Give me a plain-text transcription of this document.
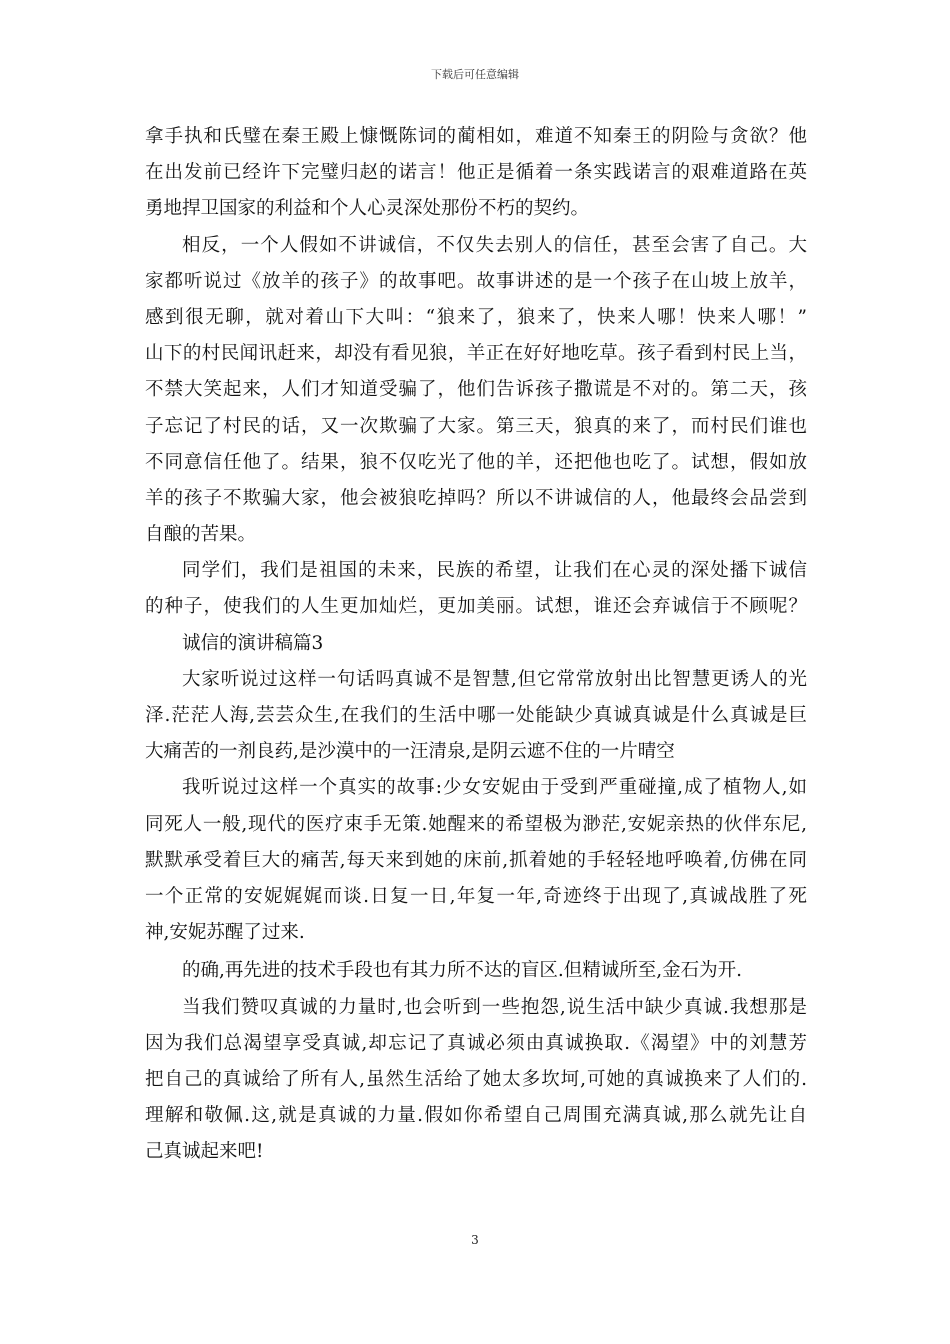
下载后可任意编辑
拿手执和氏璧在秦王殿上慷慨陈词的蔺相如，难道不知秦王的阴险与贪欲？他
在出发前已经许下完璧归赵的诺言！他正是循着一条实践诺言的艰难道路在英
勇地捍卫国家的利益和个人心灵深处那份不朽的契约。
相反，一个人假如不讲诚信，不仅失去别人的信任，甚至会害了自己。大
家都听说过《放羊的孩子》的故事吧。故事讲述的是一个孩子在山坡上放羊，
感到很无聊，就对着山下大叫：“狼来了，狼来了，快来人哪！快来人哪！”
山下的村民闻讯赶来，却没有看见狼，羊正在好好地吃草。孩子看到村民上当，
不禁大笑起来，人们才知道受骗了，他们告诉孩子撒谎是不对的。第二天，孩
子忘记了村民的话，又一次欺骗了大家。第三天，狼真的来了，而村民们谁也
不同意信任他了。结果，狼不仅吃光了他的羊，还把他也吃了。试想，假如放
羊的孩子不欺骗大家，他会被狼吃掉吗？所以不讲诚信的人，他最终会品尝到
自酿的苦果。
同学们，我们是祖国的未来，民族的希望，让我们在心灵的深处播下诚信
的种子，使我们的人生更加灿烂，更加美丽。试想，谁还会弃诚信于不顾呢？
诚信的演讲稿篇3
大家听说过这样一句话吗真诚不是智慧,但它常常放射出比智慧更诱人的光
泽.茫茫人海,芸芸众生,在我们的生活中哪一处能缺少真诚真诚是什么真诚是巨
大痛苦的一剂良药,是沙漠中的一汪清泉,是阴云遮不住的一片晴空
我听说过这样一个真实的故事:少女安妮由于受到严重碰撞,成了植物人,如
同死人一般,现代的医疗束手无策.她醒来的希望极为渺茫,安妮亲热的伙伴东尼,
默默承受着巨大的痛苦,每天来到她的床前,抓着她的手轻轻地呼唤着,仿佛在同
一个正常的安妮娓娓而谈.日复一日,年复一年,奇迹终于出现了,真诚战胜了死
神,安妮苏醒了过来.
的确,再先进的技术手段也有其力所不达的盲区.但精诚所至,金石为开.
当我们赞叹真诚的力量时,也会听到一些抱怨,说生活中缺少真诚.我想那是
因为我们总渴望享受真诚,却忘记了真诚必须由真诚换取.《渴望》中的刘慧芳
把自己的真诚给了所有人,虽然生活给了她太多坎坷,可她的真诚换来了人们的.
理解和敬佩.这,就是真诚的力量.假如你希望自己周围充满真诚,那么就先让自
己真诚起来吧!
3
